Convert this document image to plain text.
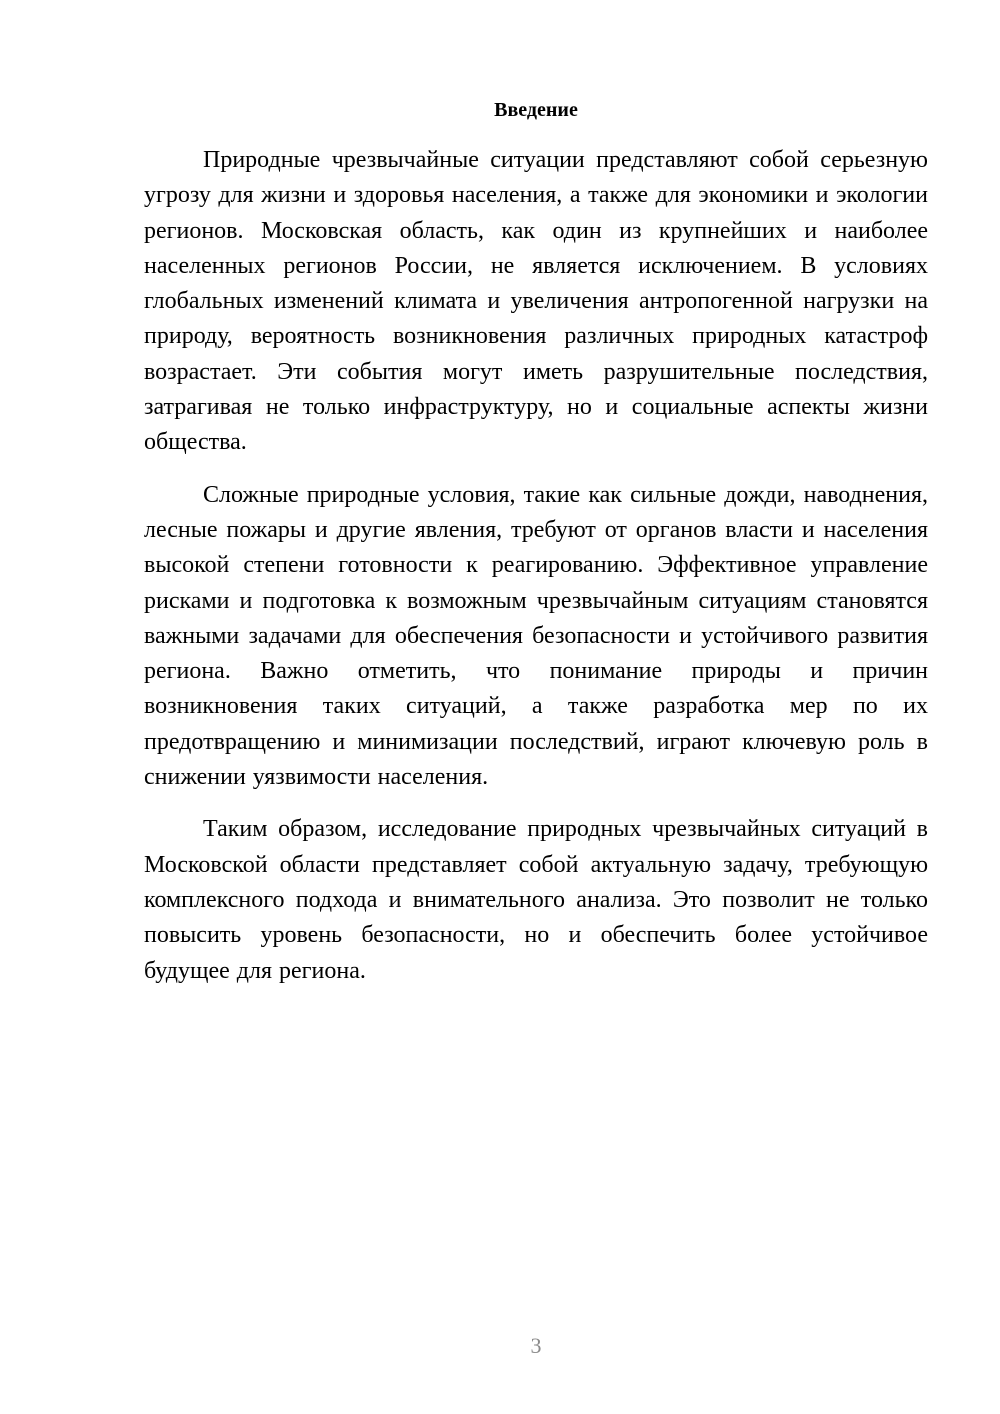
Введение

Природные чрезвычайные ситуации представляют собой серьезную угрозу для жизни и здоровья населения, а также для экономики и экологии регионов. Московская область, как один из крупнейших и наиболее населенных регионов России, не является исключением. В условиях глобальных изменений климата и увеличения антропогенной нагрузки на природу, вероятность возникновения различных природных катастроф возрастает. Эти события могут иметь разрушительные последствия, затрагивая не только инфраструктуру, но и социальные аспекты жизни общества.

Сложные природные условия, такие как сильные дожди, наводнения, лесные пожары и другие явления, требуют от органов власти и населения высокой степени готовности к реагированию. Эффективное управление рисками и подготовка к возможным чрезвычайным ситуациям становятся важными задачами для обеспечения безопасности и устойчивого развития региона. Важно отметить, что понимание природы и причин возникновения таких ситуаций, а также разработка мер по их предотвращению и минимизации последствий, играют ключевую роль в снижении уязвимости населения.

Таким образом, исследование природных чрезвычайных ситуаций в Московской области представляет собой актуальную задачу, требующую комплексного подхода и внимательного анализа. Это позволит не только повысить уровень безопасности, но и обеспечить более устойчивое будущее для региона.

3
